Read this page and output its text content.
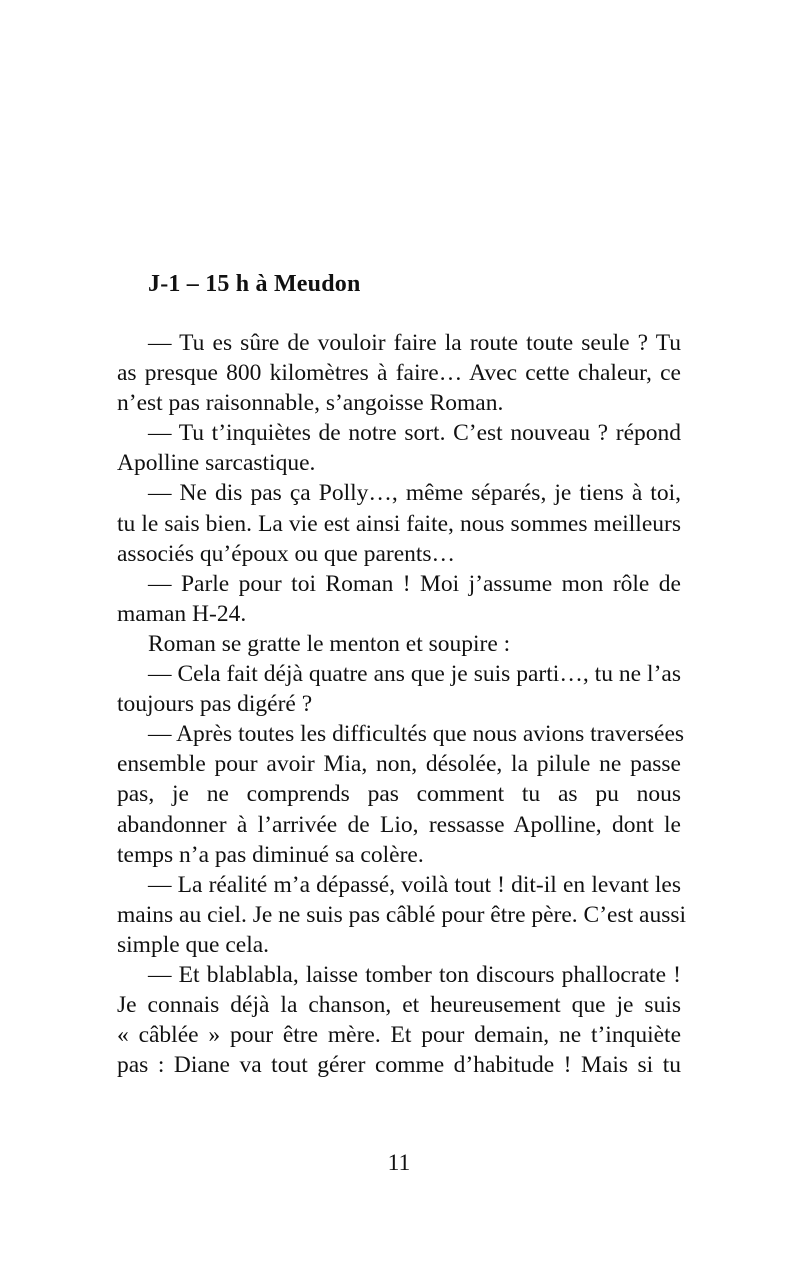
J-1 – 15 h à Meudon
— Tu es sûre de vouloir faire la route toute seule ? Tu
as presque 800 kilomètres à faire… Avec cette chaleur, ce
n’est pas raisonnable, s’angoisse Roman.
— Tu t’inquiètes de notre sort. C’est nouveau ? répond
Apolline sarcastique.
— Ne dis pas ça Polly…, même séparés, je tiens à toi,
tu le sais bien. La vie est ainsi faite, nous sommes meilleurs
associés qu’époux ou que parents…
— Parle pour toi Roman ! Moi j’assume mon rôle de
maman H-24.
Roman se gratte le menton et soupire :
— Cela fait déjà quatre ans que je suis parti…, tu ne l’as
toujours pas digéré ?
— Après toutes les difficultés que nous avions traversées
ensemble pour avoir Mia, non, désolée, la pilule ne passe
pas, je ne comprends pas comment tu as pu nous
abandonner à l’arrivée de Lio, ressasse Apolline, dont le
temps n’a pas diminué sa colère.
— La réalité m’a dépassé, voilà tout ! dit-il en levant les
mains au ciel. Je ne suis pas câblé pour être père. C’est aussi
simple que cela.
— Et blablabla, laisse tomber ton discours phallocrate !
Je connais déjà la chanson, et heureusement que je suis
« câblée » pour être mère. Et pour demain, ne t’inquiète
pas : Diane va tout gérer comme d’habitude ! Mais si tu
11
